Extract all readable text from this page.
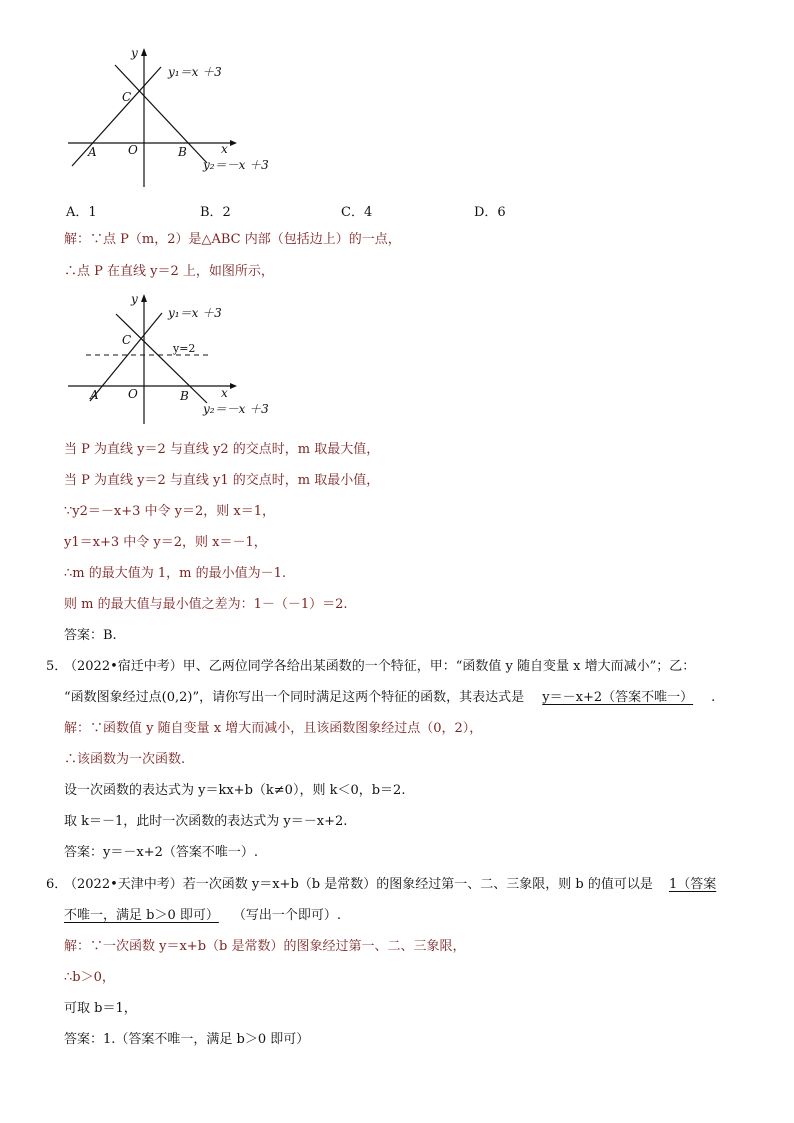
y
x
y₁＝x ＋3
y₂＝－x ＋3
A	O	B
C
A．1	B．2	C．4	D．6
解：∵点 P（m，2）是△ABC 内部（包括边上）的一点，
∴点 P 在直线 y＝2 上，如图所示，
y
x
y₁＝x ＋3
y₂＝－x ＋3
y=2
A O	B
C
当 P 为直线 y＝2 与直线 y2 的交点时，m 取最大值，
当 P 为直线 y＝2 与直线 y1 的交点时，m 取最小值，
∵y2＝－x+3 中令 y＝2，则 x＝1，
y1＝x+3 中令 y＝2，则 x＝－1，
∴m 的最大值为 1，m 的最小值为－1.
则 m 的最大值与最小值之差为：1－（－1）＝2.
答案：B.
5．
（2022•宿迁中考）甲、乙两位同学各给出某函数的一个特征，甲：“函数值 y 随自变量 x 增大而减小”；乙：
“函数图象经过点(0,2)”，请你写出一个同时满足这两个特征的函数，其表达式是 y＝－x+2（答案不唯一） .
解：∵函数值 y 随自变量 x 增大而减小，且该函数图象经过点（0，2），
∴该函数为一次函数.
设一次函数的表达式为 y＝kx+b（k≠0），则 k＜0，b＝2.
取 k＝－1，此时一次函数的表达式为 y＝－x+2.
答案：y＝－x+2（答案不唯一）.
6．
（2022•天津中考）若一次函数 y＝x+b（b 是常数）的图象经过第一、二、三象限，则 b 的值可以是 1（答案
不唯一，满足 b＞0 即可） （写出一个即可）.
解：∵一次函数 y＝x+b（b 是常数）的图象经过第一、二、三象限，
∴b＞0，
可取 b＝1，
答案：1.（答案不唯一，满足 b＞0 即可）
